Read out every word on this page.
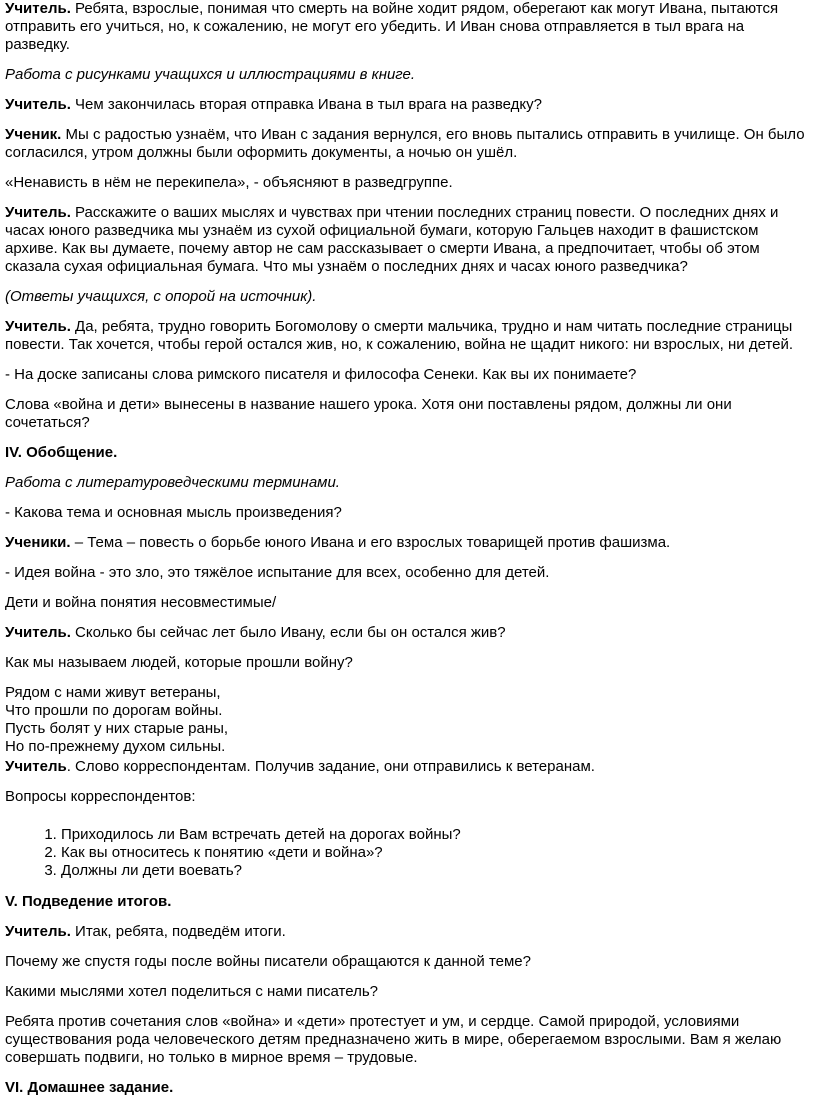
Учитель. Ребята, взрослые, понимая что смерть на войне ходит рядом, оберегают как могут Ивана, пытаются отправить его учиться, но, к сожалению, не могут его убедить. И Иван снова отправляется в тыл врага на разведку.

Работа с рисунками учащихся и иллюстрациями в книге.

Учитель. Чем закончилась вторая отправка Ивана в тыл врага на разведку?

Ученик. Мы с радостью узнаём, что Иван с задания вернулся, его вновь пытались отправить в училище. Он было согласился, утром должны были оформить документы, а ночью он ушёл.

«Ненависть в нём не перекипела», - объясняют в разведгруппе.

Учитель. Расскажите о ваших мыслях и чувствах при чтении последних страниц повести. О последних днях и часах юного разведчика мы узнаём из сухой официальной бумаги, которую Гальцев находит в фашистском архиве. Как вы думаете, почему автор не сам рассказывает о смерти Ивана, а предпочитает, чтобы об этом сказала сухая официальная бумага. Что мы узнаём о последних днях и часах юного разведчика?

(Ответы учащихся, с опорой на источник).

Учитель. Да, ребята, трудно говорить Богомолову о смерти мальчика, трудно и нам читать последние страницы повести. Так хочется, чтобы герой остался жив, но, к сожалению, война не щадит никого: ни взрослых, ни детей.

- На доске записаны слова римского писателя и философа Сенеки. Как вы их понимаете?

Слова «война и дети» вынесены в название нашего урока. Хотя они поставлены рядом, должны ли они сочетаться?

IV. Обобщение.

Работа с литературоведческими терминами.

- Какова тема и основная мысль произведения?

Ученики. – Тема – повесть о борьбе юного Ивана и его взрослых товарищей против фашизма.

- Идея война - это зло, это тяжёлое испытание для всех, особенно для детей.

Дети и война понятия несовместимые/

Учитель. Сколько бы сейчас лет было Ивану, если бы он остался жив?

Как мы называем людей, которые прошли войну?

Рядом с нами живут ветераны,
Что прошли по дорогам войны.
Пусть болят у них старые раны,
Но по-прежнему духом сильны.

Учитель. Слово корреспондентам. Получив задание, они отправились к ветеранам.

Вопросы корреспондентов:

1. Приходилось ли Вам встречать детей на дорогах войны?
2. Как вы относитесь к понятию «дети и война»?
3. Должны ли дети воевать?

V. Подведение итогов.

Учитель. Итак, ребята, подведём итоги.

Почему же спустя годы после войны писатели обращаются к данной теме?

Какими мыслями хотел поделиться с нами писатель?

Ребята против сочетания слов «война» и «дети» протестует и ум, и сердце. Самой природой, условиями существования рода человеческого детям предназначено жить в мире, оберегаемом взрослыми. Вам я желаю совершать подвиги, но только в мирное время – трудовые.

VI. Домашнее задание.
